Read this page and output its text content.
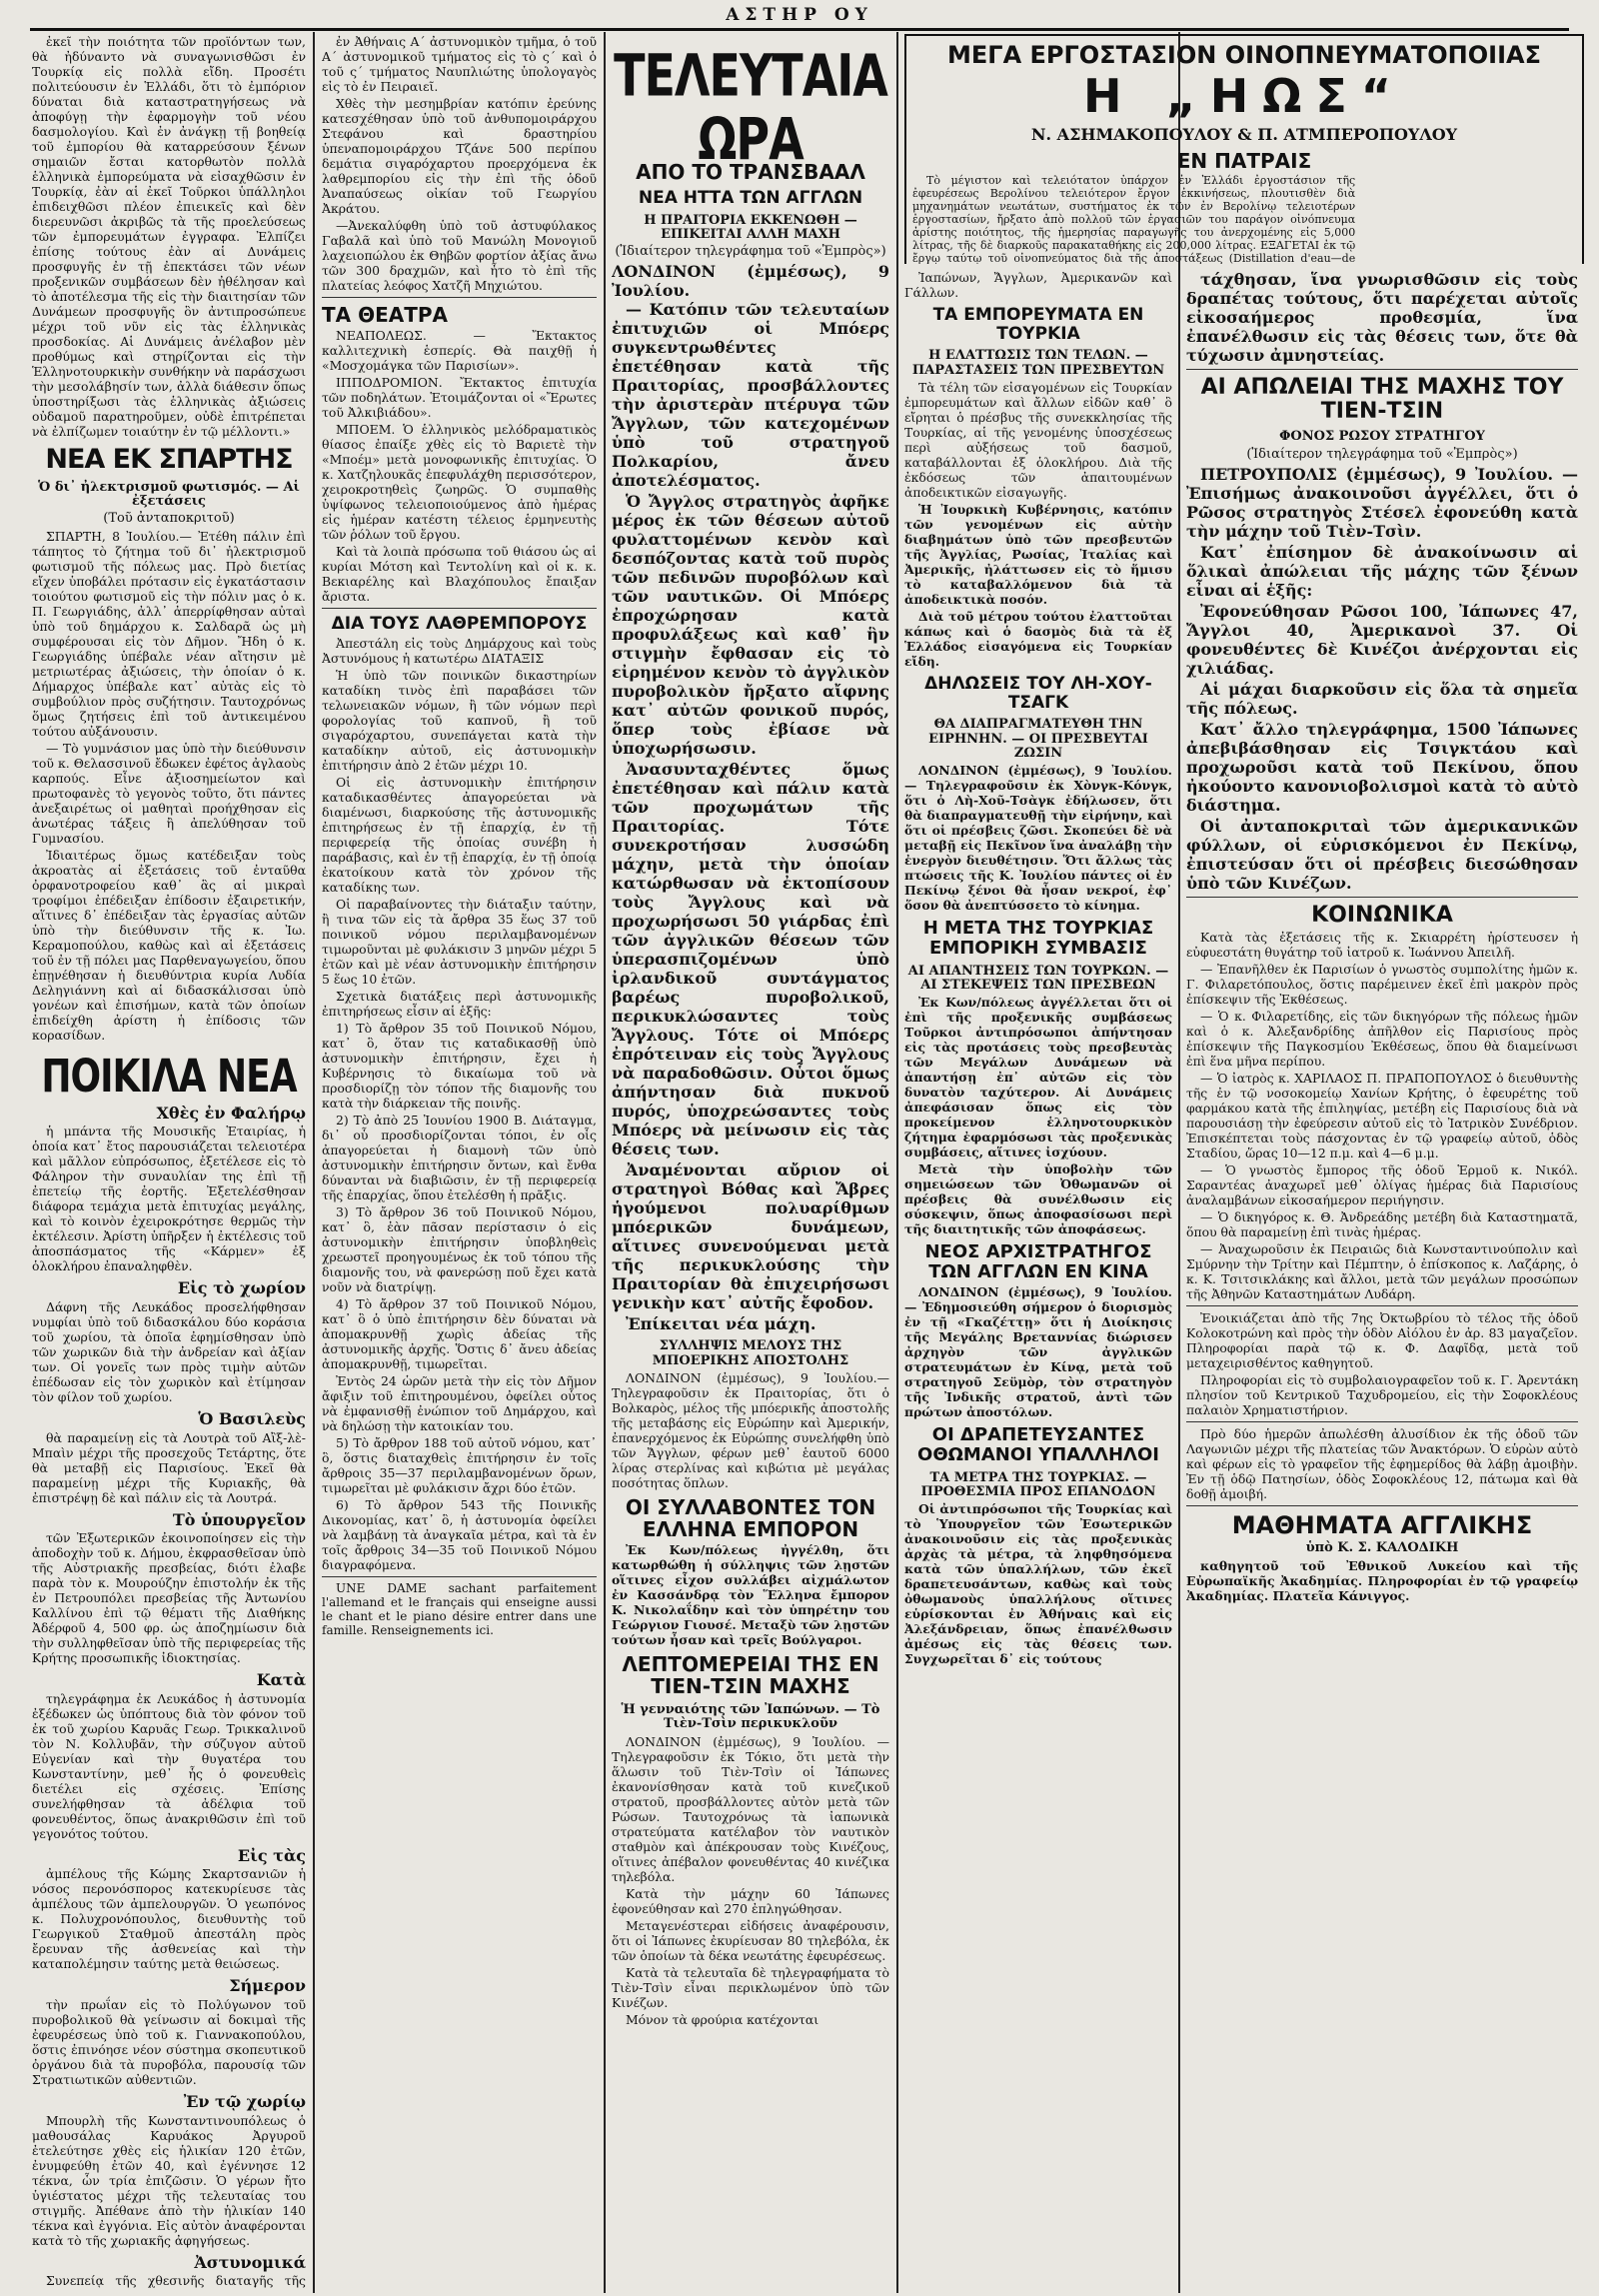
ΑΣΤΗΡ ΟΥ

ἐκεῖ τὴν ποιότητα τῶν προϊόντων των, θὰ ἠδύναντο νὰ συναγωνισθῶσι ἐν Τουρκίᾳ εἰς πολλὰ εἴδη. Προσέτι πολιτεύουσιν ἐν Ἑλλάδι, ὅτι τὸ ἐμπόριον δύναται διὰ καταστρατηγήσεως νὰ ἀποφύγῃ τὴν ἐφαρμογὴν τοῦ νέου δασμολογίου. Καὶ ἐν ἀνάγκῃ τῇ βοηθείᾳ τοῦ ἐμπορίου θὰ καταρρεύσουν ξένων σημαιῶν ἔσται κατορθωτὸν πολλὰ ἑλληνικὰ ἐμπορεύματα νὰ εἰσαχθῶσιν ἐν Τουρκίᾳ, ἐὰν αἱ ἐκεῖ Τοῦρκοι ὑπάλληλοι ἐπιδειχθῶσι πλέον ἐπιεικεῖς καὶ δὲν διερευνῶσι ἀκριβῶς τὰ τῆς προελεύσεως τῶν ἐμπορευμάτων ἐγγραφα. Ἐλπίζει ἐπίσης τούτους ἐὰν αἱ Δυνάμεις προσφυγῆς ἐν τῇ ἐπεκτάσει τῶν νέων προξενικῶν συμβάσεων δὲν ἠθέλησαν καὶ τὸ ἀποτέλεσμα τῆς εἰς τὴν διαιτησίαν τῶν Δυνάμεων προσφυγῆς ὃν ἀντιπροσώπευε μέχρι τοῦ νῦν εἰς τὰς ἑλληνικὰς προσδοκίας. Αἱ Δυνάμεις ἀνέλαβον μὲν προθύμως καὶ στηρίζονται εἰς τὴν Ἑλληνοτουρκικὴν συνθήκην νὰ παράσχωσι τὴν μεσολάβησίν των, ἀλλὰ διάθεσιν ὅπως ὑποστηρίξωσι τὰς ἑλληνικὰς ἀξιώσεις οὐδαμοῦ παρατηροῦμεν, οὐδὲ ἐπιτρέπεται νὰ ἐλπίζωμεν τοιαύτην ἐν τῷ μέλλοντι.»

ΝΕΑ ΕΚ ΣΠΑΡΤΗΣ
Ὁ δι᾽ ἠλεκτρισμοῦ φωτισμός. — Αἱ ἐξετάσεις
(Τοῦ ἀνταποκριτοῦ)

ΣΠΑΡΤΗ, 8 Ἰουλίου.— Ἐτέθη πάλιν ἐπὶ τάπητος τὸ ζήτημα τοῦ δι᾽ ἠλεκτρισμοῦ φωτισμοῦ τῆς πόλεως μας. Πρὸ διετίας εἴχεν ὑποβάλει πρότασιν εἰς ἐγκατάστασιν τοιούτου φωτισμοῦ εἰς τὴν πόλιν μας ὁ κ. Π. Γεωργιάδης, ἀλλ᾽ ἀπερρίφθησαν αὐταὶ ὑπὸ τοῦ δημάρχου κ. Σαλδαρᾶ ὡς μὴ συμφέρουσαι εἰς τὸν Δῆμον. Ἤδη ὁ κ. Γεωργιάδης ὑπέβαλε νέαν αἴτησιν μὲ μετριωτέρας ἀξιώσεις, τὴν ὁποίαν ὁ κ. Δήμαρχος ὑπέβαλε κατ᾽ αὐτὰς εἰς τὸ συμβούλιον πρὸς συζήτησιν. Ταυτοχρόνως ὅμως ζητήσεις ἐπὶ τοῦ ἀντικειμένου τούτου αὐξάνουσιν.

— Τὸ γυμνάσιον μας ὑπὸ τὴν διεύθυνσιν τοῦ κ. Θελασσινοῦ ἔδωκεν ἐφέτος ἀγλαοὺς καρπούς. Εἶνε ἀξιοσημείωτον καὶ πρωτοφανὲς τὸ γεγονὸς τοῦτο, ὅτι πάντες ἀνεξαιρέτως οἱ μαθηταὶ προήχθησαν εἰς ἀνωτέρας τάξεις ἢ ἀπελύθησαν τοῦ Γυμνασίου.

Ἰδιαιτέρως ὅμως κατέδειξαν τοὺς ἀκροατὰς αἱ ἐξετάσεις τοῦ ἐνταῦθα ὀρφανοτροφείου καθ᾽ ἃς αἱ μικραὶ τροφίμοι ἐπέδειξαν ἐπίδοσιν ἐξαιρετικήν, αἵτινες δ᾽ ἐπέδειξαν τὰς ἐργασίας αὐτῶν ὑπὸ τὴν διεύθυνσιν τῆς κ. Ἰω. Κεραμοπούλου, καθὼς καὶ αἱ ἐξετάσεις τοῦ ἐν τῇ πόλει μας Παρθεναγωγείου, ὅπου ἐπῃνέθησαν ἡ διευθύντρια κυρία Λυδία Δεληγιάννη καὶ αἱ διδασκάλισσαι ὑπὸ γονέων καὶ ἐπισήμων, κατὰ τῶν ὁποίων ἐπιδείχθη ἀρίστη ἡ ἐπίδοσις τῶν κορασίδων.

ΠΟΙΚΙΛΑ ΝΕΑ
Χθὲς ἐν Φαλήρῳ

ἡ μπάντα τῆς Μουσικῆς Ἑταιρίας, ἡ ὁποία κατ᾽ ἔτος παρουσιάζεται τελειοτέρα καὶ μᾶλλον εὐπρόσωπος, ἐξετέλεσε εἰς τὸ Φάληρον τὴν συναυλίαν της ἐπὶ τῇ ἐπετείῳ τῆς ἐορτῆς. Ἐξετελέσθησαν διάφορα τεμάχια μετὰ ἐπιτυχίας μεγάλης, καὶ τὸ κοινὸν ἐχειροκρότησε θερμῶς τὴν ἐκτέλεσιν. Ἀρίστη ὑπῆρξεν ἡ ἐκτέλεσις τοῦ ἀποσπάσματος τῆς «Κάρμεν» ἐξ ὁλοκλήρου ἐπαναληφθὲν.

Εἰς τὸ χωρίον

Δάφνη τῆς Λευκάδος προσελήφθησαν νυμφίαι ὑπὸ τοῦ διδασκάλου δύο κοράσια τοῦ χωρίου, τὰ ὁποῖα ἐφημίσθησαν ὑπὸ τῶν χωρικῶν διὰ τὴν ἀνδρείαν καὶ ἀξίαν των. Οἱ γονεῖς των πρὸς τιμὴν αὐτῶν ἐπέδωσαν εἰς τὸν χωρικὸν καὶ ἐτίμησαν τὸν φίλον τοῦ χωρίου.

Ὁ Βασιλεὺς

θὰ παραμείνῃ εἰς τὰ Λουτρὰ τοῦ Αἲξ-λὲ-Μπαὶν μέχρι τῆς προσεχοῦς Τετάρτης, ὅτε θὰ μεταβῇ εἰς Παρισίους. Ἐκεῖ θὰ παραμείνῃ μέχρι τῆς Κυριακῆς, θὰ ἐπιστρέψῃ δὲ καὶ πάλιν εἰς τὰ Λουτρά.

Τὸ ὑπουργεῖον

τῶν Ἐξωτερικῶν ἐκοινοποίησεν εἰς τὴν ἀποδοχὴν τοῦ κ. Δήμου, ἐκφρασθεῖσαν ὑπὸ τῆς Αὐστριακῆς πρεσβείας, διότι ἐλαβε παρὰ τὸν κ. Μουρούζην ἐπιστολήν ἐκ τῆς ἐν Πετρουπόλει πρεσβείας τῆς Ἀντωνίου Καλλίνου ἐπὶ τῷ θέματι τῆς Διαθήκης Ἀδέρφοῦ 4, 500 φρ. ὡς ἀποζημίωσιν διὰ τὴν συλληφθεῖσαν ὑπὸ τῆς περιφερείας τῆς Κρήτης προσωπικῆς ἰδιοκτησίας.

Κατὰ

τηλεγράφημα ἐκ Λευκάδος ἡ ἀστυνομία ἐξέδωκεν ὡς ὑπόπτους διὰ τὸν φόνον τοῦ ἐκ τοῦ χωρίου Καρυᾶς Γεωρ. Τρικκαλινοῦ τὸν Ν. Κολλυβᾶν, τὴν σύζυγον αὐτοῦ Εὐγενίαν καὶ τὴν θυγατέρα του Κωνσταντίνην, μεθ᾽ ἧς ὁ φονευθεὶς διετέλει εἰς σχέσεις. Ἐπίσης συνελήφθησαν τὰ ἀδέλφια τοῦ φονευθέντος, ὅπως ἀνακριθῶσιν ἐπὶ τοῦ γεγονότος τούτου.

Εἰς τὰς

ἀμπέλους τῆς Κώμης Σκαρτσανιῶν ἡ νόσος περονόσπορος κατεκυρίευσε τὰς ἀμπέλους τῶν ἀμπελουργῶν. Ὁ γεωπόνος κ. Πολυχρονόπουλος, διευθυντὴς τοῦ Γεωργικοῦ Σταθμοῦ ἀπεστάλη πρὸς ἔρευναν τῆς ἀσθενείας καὶ τὴν καταπολέμησιν ταύτης μετὰ θειώσεως.

Σήμερον

τὴν πρωΐαν εἰς τὸ Πολύγωνον τοῦ πυροβολικοῦ θὰ γείνωσιν αἱ δοκιμαὶ τῆς ἐφευρέσεως ὑπὸ τοῦ κ. Γιαννακοπούλου, ὅστις ἐπινόησε νέον σύστημα σκοπευτικοῦ ὀργάνου διὰ τὰ πυροβόλα, παρουσίᾳ τῶν Στρατιωτικῶν αὐθεντιῶν.

Ἐν τῷ χωρίῳ

Μπουρλὴ τῆς Κωνσταντινουπόλεως ὁ μαθουσάλας Καρυάκος Ἀργυροῦ ἐτελεύτησε χθὲς εἰς ἡλικίαν 120 ἐτῶν, ἐνυμφεύθη ἐτῶν 40, καὶ ἐγέννησε 12 τέκνα, ὧν τρία ἐπιζῶσιν. Ὁ γέρων ἤτο ὑγιέστατος μέχρι τῆς τελευταίας του στιγμῆς. Ἀπέθανε ἀπὸ τὴν ἡλικίαν 140 τέκνα καὶ ἐγγόνια. Εἰς αὐτὸν ἀναφέρονται κατὰ τὸ τῆς χωριακῆς ἀφηγήσεως.

Ἀστυνομικά

Συνεπείᾳ τῆς χθεσινῆς διαταγῆς τῆς

ἐν Ἀθήναις Α´ ἀστυνομικὸν τμῆμα, ὁ τοῦ Α´ ἀστυνομικοῦ τμήματος εἰς τὸ ς´ καὶ ὁ τοῦ ς´ τμήματος Ναυπλιώτης ὑπολογαγὸς εἰς τὸ ἐν Πειραιεῖ.

Χθὲς τὴν μεσημβρίαν κατόπιν ἐρεύνης κατεσχέθησαν ὑπὸ τοῦ ἀνθυπομοιράρχου Στεφάνου καὶ δραστηρίου ὑπεναπομοιράρχου Τζάνε 500 περίπου δεμάτια σιγαρόχαρτου προερχόμενα ἐκ λαθρεμπορίου εἰς τὴν ἐπὶ τῆς ὁδοῦ Ἀναπαύσεως οἰκίαν τοῦ Γεωργίου Ἀκράτου.

—Ἀνεκαλύφθη ὑπὸ τοῦ ἀστυφύλακος Γαβαλᾶ καὶ ὑπὸ τοῦ Μανώλη Μονογιοῦ λαχειοπώλου ἐκ Θηβῶν φορτίον ἀξίας ἄνω τῶν 300 δραχμῶν, καὶ ἦτο τὸ ἐπὶ τῆς πλατείας λεόφος Χατζῆ Μηχιώτου.

ΤΑ ΘΕΑΤΡΑ

ΝΕΑΠΟΛΕΩΣ. — Ἔκτακτος καλλιτεχνικὴ ἑσπερίς. Θὰ παιχθῇ ἡ «Μοσχομάγκα τῶν Παρισίων».

ΙΠΠΟΔΡΟΜΙΟΝ. Ἔκτακτος ἐπιτυχία τῶν ποδηλάτων. Ἑτοιμάζονται οἱ «Ἔρωτες τοῦ Ἀλκιβιάδου».

ΜΠΟΕΜ. Ὁ ἑλληνικὸς μελόδραματικὸς θίασος ἐπαίξε χθὲς εἰς τὸ Βαριετὲ τὴν «Μποέμ» μετὰ μονοφωνικῆς ἐπιτυχίας. Ὁ κ. Χατζηλουκᾶς ἐπεφυλάχθη περισσότερον, χειροκροτηθεὶς ζωηρῶς. Ὁ συμπαθὴς ὑψίφωνος τελειοποιούμενος ἀπὸ ἡμέρας εἰς ἡμέραν κατέστη τέλειος ἑρμηνευτὴς τῶν ῥόλων τοῦ ἔργου.

Καὶ τὰ λοιπὰ πρόσωπα τοῦ θιάσου ὡς αἱ κυρίαι Μότση καὶ Τεντολίνη καὶ οἱ κ. κ. Βεκιαρέλης καὶ Βλαχόπουλος ἔπαιξαν ἄριστα.

ΔΙΑ ΤΟΥΣ ΛΑΘΡΕΜΠΟΡΟΥΣ

Ἀπεστάλη εἰς τοὺς Δημάρχους καὶ τοὺς Ἀστυνόμους ἡ κατωτέρω ΔΙΑΤΑΞΙΣ

Ἡ ὑπὸ τῶν ποινικῶν δικαστηρίων καταδίκη τινὸς ἐπὶ παραβάσει τῶν τελωνειακῶν νόμων, ἢ τῶν νόμων περὶ φορολογίας τοῦ καπνοῦ, ἢ τοῦ σιγαρόχαρτου, συνεπάγεται κατὰ τὴν καταδίκην αὐτοῦ, εἰς ἀστυνομικὴν ἐπιτήρησιν ἀπὸ 2 ἐτῶν μέχρι 10.

Οἱ εἰς ἀστυνομικὴν ἐπιτήρησιν καταδικασθέντες ἀπαγορεύεται νὰ διαμένωσι, διαρκούσης τῆς ἀστυνομικῆς ἐπιτηρήσεως ἐν τῇ ἐπαρχίᾳ, ἐν τῇ περιφερείᾳ τῆς ὁποίας συνέβη ἡ παράβασις, καὶ ἐν τῇ ἐπαρχίᾳ, ἐν τῇ ὁποίᾳ ἐκατοίκουν κατὰ τὸν χρόνον τῆς καταδίκης των.

Οἱ παραβαίνοντες τὴν διάταξιν ταύτην, ἢ τινα τῶν εἰς τὰ ἄρθρα 35 ἕως 37 τοῦ ποινικοῦ νόμου περιλαμβανομένων τιμωροῦνται μὲ φυλάκισιν 3 μηνῶν μέχρι 5 ἐτῶν καὶ μὲ νέαν ἀστυνομικὴν ἐπιτήρησιν 5 ἕως 10 ἐτῶν.

Σχετικὰ διατάξεις περὶ ἀστυνομικῆς ἐπιτηρήσεως εἶσιν αἱ ἑξῆς:

1) Τὸ ἄρθρον 35 τοῦ Ποινικοῦ Νόμου, κατ᾽ ὃ, ὅταν τις καταδικασθῇ ὑπὸ ἀστυνομικὴν ἐπιτήρησιν, ἔχει ἡ Κυβέρνησις τὸ δικαίωμα τοῦ νὰ προσδιορίζῃ τὸν τόπον τῆς διαμονῆς του κατὰ τὴν διάρκειαν τῆς ποινῆς.

2) Τὸ ἀπὸ 25 Ἰουνίου 1900 Β. Διάταγμα, δι᾽ οὗ προσδιορίζονται τόποι, ἐν οἷς ἀπαγορεύεται ἡ διαμονὴ τῶν ὑπὸ ἀστυνομικὴν ἐπιτήρησιν ὄντων, καὶ ἔνθα δύνανται νὰ διαβιῶσιν, ἐν τῇ περιφερείᾳ τῆς ἐπαρχίας, ὅπου ἐτελέσθη ἡ πρᾶξις.

3) Τὸ ἄρθρον 36 τοῦ Ποινικοῦ Νόμου, κατ᾽ ὃ, ἐὰν πᾶσαν περίστασιν ὁ εἰς ἀστυνομικὴν ἐπιτήρησιν ὑποβληθεὶς χρεωστεῖ προηγουμένως ἐκ τοῦ τόπου τῆς διαμονῆς του, νὰ φανερώσῃ ποῦ ἔχει κατὰ νοῦν νὰ διατρίψῃ.

4) Τὸ ἄρθρον 37 τοῦ Ποινικοῦ Νόμου, κατ᾽ ὃ ὁ ὑπὸ ἐπιτήρησιν δὲν δύναται νὰ ἀπομακρυνθῇ χωρὶς ἀδείας τῆς ἀστυνομικῆς ἀρχῆς. Ὅστις δ᾽ ἄνευ ἀδείας ἀπομακρυνθῇ, τιμωρεῖται.

Ἐντὸς 24 ὡρῶν μετὰ τὴν εἰς τὸν Δῆμον ἄφιξιν τοῦ ἐπιτηρουμένου, ὀφείλει οὗτος νὰ ἐμφανισθῇ ἐνώπιον τοῦ Δημάρχου, καὶ νὰ δηλώσῃ τὴν κατοικίαν του.

5) Τὸ ἄρθρον 188 τοῦ αὐτοῦ νόμου, κατ᾽ ὃ, ὅστις διαταχθεὶς ἐπιτήρησιν ἐν τοῖς ἄρθροις 35—37 περιλαμβανομένων ὅρων, τιμωρεῖται μὲ φυλάκισιν ἄχρι δύο ἐτῶν.

6) Τὸ ἄρθρον 543 τῆς Ποινικῆς Δικονομίας, κατ᾽ ὃ, ἡ ἀστυνομία ὀφείλει νὰ λαμβάνῃ τὰ ἀναγκαῖα μέτρα, καὶ τὰ ἐν τοῖς ἄρθροις 34—35 τοῦ Ποινικοῦ Νόμου διαγραφόμενα.

UNE DAME sachant parfaitement l'allemand et le français qui enseigne aussi le chant et le piano désire entrer dans une famille. Renseignements ici.

ΤΕΛΕΥΤΑΙΑ ΩΡΑ
ΑΠΟ ΤΟ ΤΡΑΝΣΒΑΑΛ
ΝΕΑ ΗΤΤΑ ΤΩΝ ΑΓΓΛΩΝ
Η ΠΡΑΙΤΟΡΙΑ ΕΚΚΕΝΩΘΗ — ΕΠΙΚΕΙΤΑΙ ΑΛΛΗ ΜΑΧΗ
(Ἰδιαίτερον τηλεγράφημα τοῦ «Ἐμπρὸς»)
ΛΟΝΔΙΝΟΝ (ἐμμέσως), 9 Ἰουλίου.

— Κατόπιν τῶν τελευταίων ἐπιτυχιῶν οἱ Μπόερς συγκεντρωθέντες ἐπετέθησαν κατὰ τῆς Πραιτορίας, προσβάλλοντες τὴν ἀριστερὰν πτέρυγα τῶν Ἄγγλων, τῶν κατεχομένων ὑπὸ τοῦ στρατηγοῦ Πολκαρίου, ἄνευ ἀποτελέσματος.

Ὁ Ἄγγλος στρατηγὸς ἀφῆκε μέρος ἐκ τῶν θέσεων αὐτοῦ φυλαττομένων κενὸν καὶ δεσπόζοντας κατὰ τοῦ πυρὸς τῶν πεδινῶν πυροβόλων καὶ τῶν ναυτικῶν. Οἱ Μπόερς ἐπροχώρησαν κατὰ προφυλάξεως καὶ καθ᾽ ἣν στιγμὴν ἔφθασαν εἰς τὸ εἰρημένον κενὸν τὸ ἀγγλικὸν πυροβολικὸν ἤρξατο αἴφνης κατ᾽ αὐτῶν φονικοῦ πυρός, ὅπερ τοὺς ἐβίασε νὰ ὑποχωρήσωσιν.

Ἀνασυνταχθέντες ὅμως ἐπετέθησαν καὶ πάλιν κατὰ τῶν προχωμάτων τῆς Πραιτορίας. Τότε συνεκροτήσαν λυσσώδη μάχην, μετὰ τὴν ὁποίαν κατώρθωσαν νὰ ἐκτοπίσουν τοὺς Ἄγγλους καὶ νὰ προχωρήσωσι 50 γιάρδας ἐπὶ τῶν ἀγγλικῶν θέσεων τῶν ὑπερασπιζομένων ὑπὸ ἰρλανδικοῦ συντάγματος βαρέως πυροβολικοῦ, περικυκλώσαντες τοὺς Ἄγγλους. Τότε οἱ Μπόερς ἐπρότειναν εἰς τοὺς Ἄγγλους νὰ παραδοθῶσιν. Οὗτοι ὅμως ἀπήντησαν διὰ πυκνοῦ πυρός, ὑποχρεώσαντες τοὺς Μπόερς νὰ μείνωσιν εἰς τὰς θέσεις των.

Ἀναμένονται αὔριον οἱ στρατηγοὶ Βόθας καὶ Ἄβρες ἡγούμενοι πολυαρίθμων μπόερικῶν δυνάμεων, αἵτινες συνενούμεναι μετὰ τῆς περικυκλούσης τὴν Πραιτορίαν θὰ ἐπιχειρήσωσι γενικὴν κατ᾽ αὐτῆς ἔφοδον.

Ἐπίκειται νέα μάχη.

ΣΥΛΛΗΨΙΣ ΜΕΛΟΥΣ ΤΗΣ ΜΠΟΕΡΙΚΗΣ ΑΠΟΣΤΟΛΗΣ

ΛΟΝΔΙΝΟΝ (ἐμμέσως), 9 Ἰουλίου.—Τηλεγραφοῦσιν ἐκ Πραιτορίας, ὅτι ὁ Βολκαρὸς, μέλος τῆς μπόερικῆς ἀποστολῆς τῆς μεταβάσης εἰς Εὐρώπην καὶ Ἀμερικήν, ἐπανερχόμενος ἐκ Εὐρώπης συνελήφθη ὑπὸ τῶν Ἄγγλων, φέρων μεθ᾽ ἑαυτοῦ 6000 λίρας στερλίνας καὶ κιβώτια μὲ μεγάλας ποσότητας ὅπλων.

ΟΙ ΣΥΛΛΑΒΟΝΤΕΣ ΤΟΝ ΕΛΛΗΝΑ ΕΜΠΟΡΟΝ

Ἐκ Κων/πόλεως ἠγγέλθη, ὅτι κατωρθώθη ἡ σύλληψις τῶν λῃστῶν οἵτινες εἶχον συλλάβει αἰχμάλωτον ἐν Κασσάνδρᾳ τὸν Ἕλληνα ἔμπορον Κ. Νικολαΐδην καὶ τὸν ὑπηρέτην του Γεώργιον Γιουσέ. Μεταξὺ τῶν λῃστῶν τούτων ἦσαν καὶ τρεῖς Βούλγαροι.

ΛΕΠΤΟΜΕΡΕΙΑΙ ΤΗΣ ΕΝ ΤΙΕΝ-ΤΣΙΝ ΜΑΧΗΣ
Ἡ γενναιότης τῶν Ἰαπώνων. — Τὸ Τιὲν-Τσὶν περικυκλοῦν

ΛΟΝΔΙΝΟΝ (ἐμμέσως), 9 Ἰουλίου. — Τηλεγραφοῦσιν ἐκ Τόκιο, ὅτι μετὰ τὴν ἅλωσιν τοῦ Τιὲν-Τσὶν οἱ Ἰάπωνες ἐκανονίσθησαν κατὰ τοῦ κινεζικοῦ στρατοῦ, προσβάλλοντες αὐτὸν μετὰ τῶν Ρώσων. Ταυτοχρόνως τὰ ἰαπωνικὰ στρατεύματα κατέλαβον τὸν ναυτικὸν σταθμὸν καὶ ἀπέκρουσαν τοὺς Κινέζους, οἵτινες ἀπέβαλον φονευθέντας 40 κινέζικα τηλεβόλα.

Κατὰ τὴν μάχην 60 Ἰάπωνες ἐφονεύθησαν καὶ 270 ἐπληγώθησαν.

Μεταγενέστεραι εἰδήσεις ἀναφέρουσιν, ὅτι οἱ Ἰάπωνες ἐκυρίευσαν 80 τηλεβόλα, ἐκ τῶν ὁποίων τὰ δέκα νεωτάτης ἐφευρέσεως.

Κατὰ τὰ τελευταῖα δὲ τηλεγραφήματα τὸ Τιὲν-Τσὶν εἶναι περικλωμένον ὑπὸ τῶν Κινέζων.

Μόνον τὰ φρούρια κατέχονται

ΜΕΓΑ ΕΡΓΟΣΤΑΣΙΟΝ ΟΙΝΟΠΝΕΥΜΑΤΟΠΟΙΙΑΣ
Η „ΗΩΣ“
Ν. ΑΣΗΜΑΚΟΠΟΥΛΟΥ & Π. ΑΤΜΠΕΡΟΠΟΥΛΟΥ
ΕΝ ΠΑΤΡΑΙΣ

Τὸ μέγιστον καὶ τελειότατον ὑπάρχον ἐν Ἑλλάδι ἐργοστάσιον τῆς ἐφευρέσεως Βερολίνου τελειότερον ἔργον ἐκκινήσεως, πλουτισθὲν διὰ μηχανημάτων νεωτάτων, συστήματος ἐκ τῶν ἐν Βερολίνῳ τελειοτέρων ἐργοστασίων, ἤρξατο ἀπὸ πολλοῦ τῶν ἐργασιῶν του παράγον οἰνόπνευμα ἀρίστης ποιότητος, τῆς ἡμερησίας παραγωγῆς του ἀνερχομένης εἰς 5,000 λίτρας, τῆς δὲ διαρκοῦς παρακαταθήκης εἰς 200,000 λίτρας. ΕΞΑΓΕΤΑΙ ἐκ τῷ ἔργῳ ταύτῳ τοῦ οἰνοπνεύματος διὰ τῆς ἀποστάξεως (Distillation d'eau—de

Ἰαπώνων, Ἄγγλων, Ἀμερικανῶν καὶ Γάλλων.

ΤΑ ΕΜΠΟΡΕΥΜΑΤΑ ΕΝ ΤΟΥΡΚΙΑ
Η ΕΛΑΤΤΩΣΙΣ ΤΩΝ ΤΕΛΩΝ. — ΠΑΡΑΣΤΑΣΕΙΣ ΤΩΝ ΠΡΕΣΒΕΥΤΩΝ

Τὰ τέλη τῶν εἰσαγομένων εἰς Τουρκίαν ἐμπορευμάτων καὶ ἄλλων εἰδῶν καθ᾽ ὃ εἴρηται ὁ πρέσβυς τῆς συνεκκλησίας τῆς Τουρκίας, αἱ τῆς γενομένης ὑποσχέσεως περὶ αὐξήσεως τοῦ δασμοῦ, καταβάλλονται ἐξ ὁλοκλήρου. Διὰ τῆς ἐκδόσεως τῶν ἀπαιτουμένων ἀποδεικτικῶν εἰσαγωγῆς.

Ἡ Ἰουρκικὴ Κυβέρνησις, κατόπιν τῶν γενομένων εἰς αὐτὴν διαβημάτων ὑπὸ τῶν πρεσβευτῶν τῆς Ἀγγλίας, Ρωσίας, Ἰταλίας καὶ Ἀμερικῆς, ἠλάττωσεν εἰς τὸ ἥμισυ τὸ καταβαλλόμενον διὰ τὰ ἀποδεικτικὰ ποσόν.

Διὰ τοῦ μέτρου τούτου ἐλαττοῦται κάπως καὶ ὁ δασμὸς διὰ τὰ ἐξ Ἑλλάδος εἰσαγόμενα εἰς Τουρκίαν εἴδη.

ΔΗΛΩΣΕΙΣ ΤΟΥ ΛΗ-ΧΟΥ-ΤΣΑΓΚ
ΘΑ ΔΙΑΠΡΑΓΜΑΤΕΥΘΗ ΤΗΝ ΕΙΡΗΝΗΝ. — ΟΙ ΠΡΕΣΒΕΥΤΑΙ ΖΩΣΙΝ

ΛΟΝΔΙΝΟΝ (ἐμμέσως), 9 Ἰουλίου. — Τηλεγραφοῦσιν ἐκ Χὸνγκ-Κόνγκ, ὅτι ὁ Λὴ-Χοῦ-Τσὰγκ ἐδήλωσεν, ὅτι θὰ διαπραγματευθῇ τὴν εἰρήνην, καὶ ὅτι οἱ πρέσβεις ζῶσι. Σκοπεύει δὲ νὰ μεταβῇ εἰς Πεκῖνον ἵνα ἀναλάβῃ τὴν ἐνεργὸν διευθέτησιν. Ὅτι ἄλλως τὰς πτώσεις τῆς Κ. Ἰουλίου πάντες οἱ ἐν Πεκίνῳ ξένοι θὰ ἦσαν νεκροί, ἐφ᾽ ὅσον θὰ ἀνεπτύσσετο τὸ κίνημα.

Η ΜΕΤΑ ΤΗΣ ΤΟΥΡΚΙΑΣ ΕΜΠΟΡΙΚΗ ΣΥΜΒΑΣΙΣ
ΑΙ ΑΠΑΝΤΗΣΕΙΣ ΤΩΝ ΤΟΥΡΚΩΝ. — ΑΙ ΣΤΕΚΕΨΕΙΣ ΤΩΝ ΠΡΕΣΒΕΩΝ

Ἐκ Κων/πόλεως ἀγγέλλεται ὅτι οἱ ἐπὶ τῆς προξενικῆς συμβάσεως Τοῦρκοι ἀντιπρόσωποι ἀπήντησαν εἰς τὰς προτάσεις τοὺς πρεσβευτὰς τῶν Μεγάλων Δυνάμεων νὰ ἀπαντήσῃ ἐπ᾽ αὐτῶν εἰς τὸν δυνατὸν ταχύτερον. Αἱ Δυνάμεις ἀπεφάσισαν ὅπως εἰς τὸν προκείμενον ἑλληνοτουρκικὸν ζήτημα ἐφαρμόσωσι τὰς προξενικὰς συμβάσεις, αἵτινες ἰσχύουν.

Μετὰ τὴν ὑποβολὴν τῶν σημειώσεων τῶν Ὀθωμανῶν οἱ πρέσβεις θὰ συνέλθωσιν εἰς σύσκεψιν, ὅπως ἀποφασίσωσι περὶ τῆς διαιτητικῆς τῶν ἀποφάσεως.

ΝΕΟΣ ΑΡΧΙΣΤΡΑΤΗΓΟΣ ΤΩΝ ΑΓΓΛΩΝ ΕΝ ΚΙΝΑ

ΛΟΝΔΙΝΟΝ (ἐμμέσως), 9 Ἰουλίου. — Ἐδημοσιεύθη σήμερον ὁ διορισμὸς ἐν τῇ «Γκαζέττῃ» ὅτι ἡ Διοίκησις τῆς Μεγάλης Βρεταννίας διώρισεν ἀρχηγὸν τῶν ἀγγλικῶν στρατευμάτων ἐν Κίνᾳ, μετὰ τοῦ στρατηγοῦ Σεϋμὸρ, τὸν στρατηγὸν τῆς Ἰνδικῆς στρατοῦ, ἀντὶ τῶν πρώτων ἀποστόλων.

ΟΙ ΔΡΑΠΕΤΕΥΣΑΝΤΕΣ ΟΘΩΜΑΝΟΙ ΥΠΑΛΛΗΛΟΙ
ΤΑ ΜΕΤΡΑ ΤΗΣ ΤΟΥΡΚΙΑΣ. — ΠΡΟΘΕΣΜΙΑ ΠΡΟΣ ΕΠΑΝΟΔΟΝ

Οἱ ἀντιπρόσωποι τῆς Τουρκίας καὶ τὸ Ὑπουργεῖον τῶν Ἐσωτερικῶν ἀνακοινοῦσιν εἰς τὰς προξενικὰς ἀρχὰς τὰ μέτρα, τὰ ληφθησόμενα κατὰ τῶν ὑπαλλήλων, τῶν ἐκεῖ δραπετευσάντων, καθὼς καὶ τοὺς ὀθωμανοὺς ὑπαλλήλους οἵτινες εὑρίσκονται ἐν Ἀθήναις καὶ εἰς Ἀλεξάνδρειαν, ὅπως ἐπανέλθωσιν ἀμέσως εἰς τὰς θέσεις των. Συγχωρεῖται δ᾽ εἰς τούτους

τάχθησαν, ἵνα γνωρισθῶσιν εἰς τοὺς δραπέτας τούτους, ὅτι παρέχεται αὐτοῖς εἰκοσαήμερος προθεσμία, ἵνα ἐπανέλθωσιν εἰς τὰς θέσεις των, ὅτε θὰ τύχωσιν ἀμνηστείας.

ΑΙ ΑΠΩΛΕΙΑΙ ΤΗΣ ΜΑΧΗΣ ΤΟΥ ΤΙΕΝ-ΤΣΙΝ
ΦΟΝΟΣ ΡΩΣΟΥ ΣΤΡΑΤΗΓΟΥ
(Ἰδιαίτερον τηλεγράφημα τοῦ «Ἐμπρὸς»)

ΠΕΤΡΟΥΠΟΛΙΣ (ἐμμέσως), 9 Ἰουλίου. — Ἐπισήμως ἀνακοινοῦσι ἀγγέλλει, ὅτι ὁ Ρῶσος στρατηγὸς Στέσελ ἐφονεύθη κατὰ τὴν μάχην τοῦ Τιὲν-Τσὶν.

Κατ᾽ ἐπίσημον δὲ ἀνακοίνωσιν αἱ ὅλικαὶ ἀπώλειαι τῆς μάχης τῶν ξένων εἶναι αἱ ἑξῆς:

Ἐφονεύθησαν Ρῶσοι 100, Ἰάπωνες 47, Ἄγγλοι 40, Ἀμερικανοὶ 37. Οἱ φονευθέντες δὲ Κινέζοι ἀνέρχονται εἰς χιλιάδας.

Αἱ μάχαι διαρκοῦσιν εἰς ὅλα τὰ σημεῖα τῆς πόλεως.

Κατ᾽ ἄλλο τηλεγράφημα, 1500 Ἰάπωνες ἀπεβιβάσθησαν εἰς Τσιγκτάου καὶ προχωροῦσι κατὰ τοῦ Πεκίνου, ὅπου ἠκούοντο κανονιοβολισμοὶ κατὰ τὸ αὐτὸ διάστημα.

Οἱ ἀνταποκριταὶ τῶν ἀμερικανικῶν φύλλων, οἱ εὑρισκόμενοι ἐν Πεκίνῳ, ἐπιστεύσαν ὅτι οἱ πρέσβεις διεσώθησαν ὑπὸ τῶν Κινέζων.

ΚΟΙΝΩΝΙΚΑ

Κατὰ τὰς ἐξετάσεις τῆς κ. Σκιαρρέτη ἠρίστευσεν ἡ εὐφυεστάτη θυγάτηρ τοῦ ἰατροῦ κ. Ἰωάννου Ἀπειλῆ.

— Ἐπανῆλθεν ἐκ Παρισίων ὁ γνωστὸς συμπολίτης ἡμῶν κ. Γ. Φιλαρετόπουλος, ὅστις παρέμεινεν ἐκεῖ ἐπὶ μακρὸν πρὸς ἐπίσκεψιν τῆς Ἐκθέσεως.

— Ὁ κ. Φιλαρετίδης, εἰς τῶν δικηγόρων τῆς πόλεως ἡμῶν καὶ ὁ κ. Ἀλεξανδρίδης ἀπῆλθον εἰς Παρισίους πρὸς ἐπίσκεψιν τῆς Παγκοσμίου Ἐκθέσεως, ὅπου θὰ διαμείνωσι ἐπὶ ἕνα μῆνα περίπου.

— Ὁ ἰατρὸς κ. ΧΑΡΙΛΑΟΣ Π. ΠΡΑΠΟΠΟΥΛΟΣ ὁ διευθυντὴς τῆς ἐν τῷ νοσοκομείῳ Χανίων Κρήτης, ὁ ἐφευρέτης τοῦ φαρμάκου κατὰ τῆς ἐπιληψίας, μετέβη εἰς Παρισίους διὰ νὰ παρουσιάσῃ τὴν ἐφεύρεσιν αὐτοῦ εἰς τὸ Ἰατρικὸν Συνέδριον. Ἐπισκέπτεται τοὺς πάσχοντας ἐν τῷ γραφείῳ αὐτοῦ, ὁδὸς Σταδίου, ὥρας 10—12 π.μ. καὶ 4—6 μ.μ.

— Ὁ γνωστὸς ἔμπορος τῆς ὁδοῦ Ἑρμοῦ κ. Νικόλ. Σαραντέας ἀναχωρεῖ μεθ᾽ ὀλίγας ἡμέρας διὰ Παρισίους ἀναλαμβάνων εἰκοσαήμερον περιήγησιν.

— Ὁ δικηγόρος κ. Θ. Ἀνδρεάδης μετέβη διὰ Καταστηματᾶ, ὅπου θὰ παραμείνῃ ἐπὶ τινὰς ἡμέρας.

— Ἀναχωροῦσιν ἐκ Πειραιῶς διὰ Κωνσταντινούπολιν καὶ Σμύρνην τὴν Τρίτην καὶ Πέμπτην, ὁ ἐπίσκοπος κ. Λαζάρης, ὁ κ. Κ. Τσιτσικλάκης καὶ ἄλλοι, μετὰ τῶν μεγάλων προσώπων τῆς Ἀθηνῶν Καταστημάτων Λυδάρη.

Ἐνοικιάζεται ἀπὸ τῆς 7ης Ὀκτωβρίου τὸ τέλος τῆς ὁδοῦ Κολοκοτρώνη καὶ πρὸς τὴν ὁδὸν Αἰόλου ἐν ἀρ. 83 μαγαζεῖον. Πληροφορίαι παρὰ τῷ κ. Φ. Δαφῖδᾳ, μετὰ τοῦ μεταχειρισθέντος καθηγητοῦ.

Πληροφορίαι εἰς τὸ συμβολαιογραφεῖον τοῦ κ. Γ. Ἀρεντάκη πλησίον τοῦ Κεντρικοῦ Ταχυδρομείου, εἰς τὴν Σοφοκλέους παλαιὸν Χρηματιστήριον.

Πρὸ δύο ἡμερῶν ἀπωλέσθη ἀλυσίδιον ἐκ τῆς ὁδοῦ τῶν Λαγωνιῶν μέχρι τῆς πλατείας τῶν Ἀνακτόρων. Ὁ εὑρὼν αὐτὸ καὶ φέρων εἰς τὸ γραφεῖον τῆς ἐφημερίδος θὰ λάβῃ ἀμοιβὴν. Ἐν τῇ ὁδῷ Πατησίων, ὁδὸς Σοφοκλέους 12, πάτωμα καὶ θὰ δοθῇ ἀμοιβή.

ΜΑΘΗΜΑΤΑ ΑΓΓΛΙΚΗΣ
ὑπὸ Κ. Σ. ΚΑΛΟΔΙΚΗ

καθηγητοῦ τοῦ Ἐθνικοῦ Λυκείου καὶ τῆς Εὐρωπαϊκῆς Ἀκαδημίας. Πληροφορίαι ἐν τῷ γραφείῳ Ἀκαδημίας. Πλατεῖα Κάνιγγος.
